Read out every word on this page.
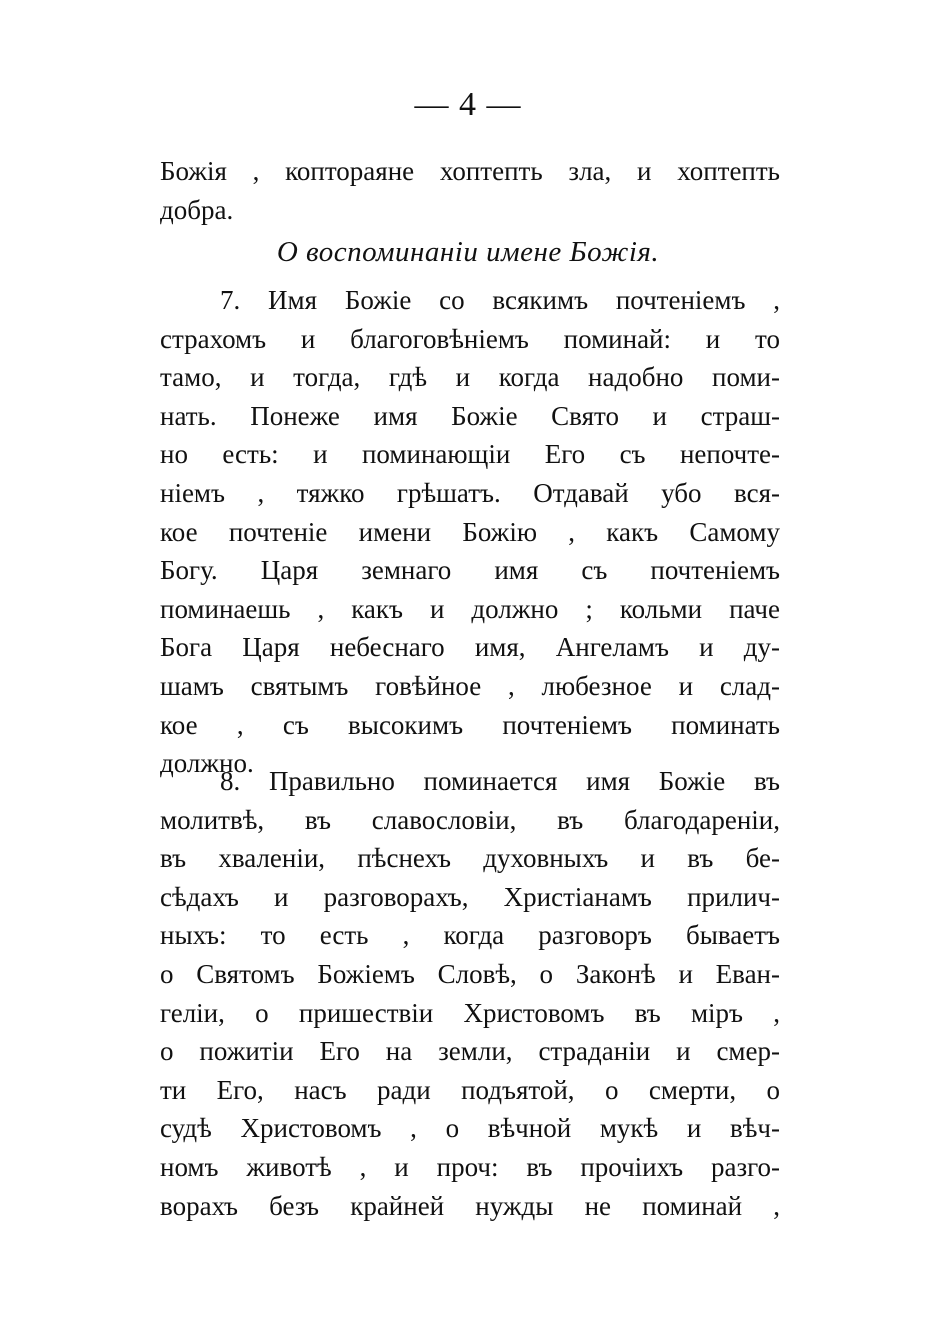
— 4 —
Божія , коптораяне хоптепть зла, и хоптепть
добра.
О воспоминанiи имене Божiя.
7. Имя Божiе со всякимъ почтенiемъ ,
страхомъ и благоговѣнiемъ поминай: и то
тамо, и тогда, гдѣ и когда надобно поми-
нать. Понеже имя Божiе Свято и страш-
но есть: и поминающiи Его съ непочте-
нiемъ , тяжко грѣшатъ. Отдавай убо вся-
кое почтенiе имени Божiю , какъ Самому
Богу. Царя земнаго имя съ почтенiемъ
поминаешь , какъ и должно ; кольми паче
Бога Царя небеснаго имя, Ангеламъ и ду-
шамъ святымъ говѣйное , любезное и слад-
кое , съ высокимъ почтенiемъ поминать
должно.
8. Правильно поминается имя Божiе въ
молитвѣ, въ славословiи, въ благодаренiи,
въ хваленiи, пѣснехъ духовныхъ и въ бе-
сѣдахъ и разговорахъ, Христiанамъ прилич-
ныхъ: то есть , когда разговоръ бываетъ
о Святомъ Божiемъ Словѣ, о Законѣ и Еван-
гелiи, о пришествiи Христовомъ въ мiръ ,
о пожитiи Его на земли, страданiи и смер-
ти Его, насъ ради подъятой, о смерти, о
судѣ Христовомъ , о вѣчной мукѣ и вѣч-
номъ животѣ , и проч: въ прочiихъ разго-
ворахъ безъ крайней нужды не поминай ,
